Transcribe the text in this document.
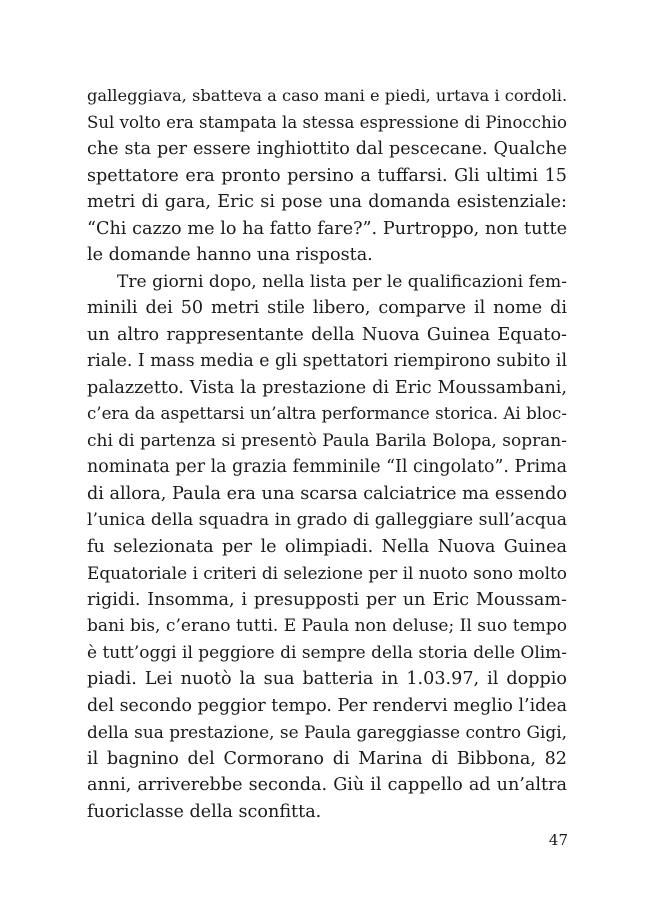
galleggiava, sbatteva a caso mani e piedi, urtava i cordoli.
Sul volto era stampata la stessa espressione di Pinocchio
che sta per essere inghiottito dal pescecane. Qualche
spettatore era pronto persino a tuffarsi. Gli ultimi 15
metri di gara, Eric si pose una domanda esistenziale:
“Chi cazzo me lo ha fatto fare?”. Purtroppo, non tutte
le domande hanno una risposta.
Tre giorni dopo, nella lista per le qualificazioni fem-
minili dei 50 metri stile libero, comparve il nome di
un altro rappresentante della Nuova Guinea Equato-
riale. I mass media e gli spettatori riempirono subito il
palazzetto. Vista la prestazione di Eric Moussambani,
c’era da aspettarsi un’altra performance storica. Ai bloc-
chi di partenza si presentò Paula Barila Bolopa, sopran-
nominata per la grazia femminile “Il cingolato”. Prima
di allora, Paula era una scarsa calciatrice ma essendo
l’unica della squadra in grado di galleggiare sull’acqua
fu selezionata per le olimpiadi. Nella Nuova Guinea
Equatoriale i criteri di selezione per il nuoto sono molto
rigidi. Insomma, i presupposti per un Eric Moussam-
bani bis, c’erano tutti. E Paula non deluse; Il suo tempo
è tutt’oggi il peggiore di sempre della storia delle Olim-
piadi. Lei nuotò la sua batteria in 1.03.97, il doppio
del secondo peggior tempo. Per rendervi meglio l’idea
della sua prestazione, se Paula gareggiasse contro Gigi,
il bagnino del Cormorano di Marina di Bibbona, 82
anni, arriverebbe seconda. Giù il cappello ad un’altra
fuoriclasse della sconfitta.
47
